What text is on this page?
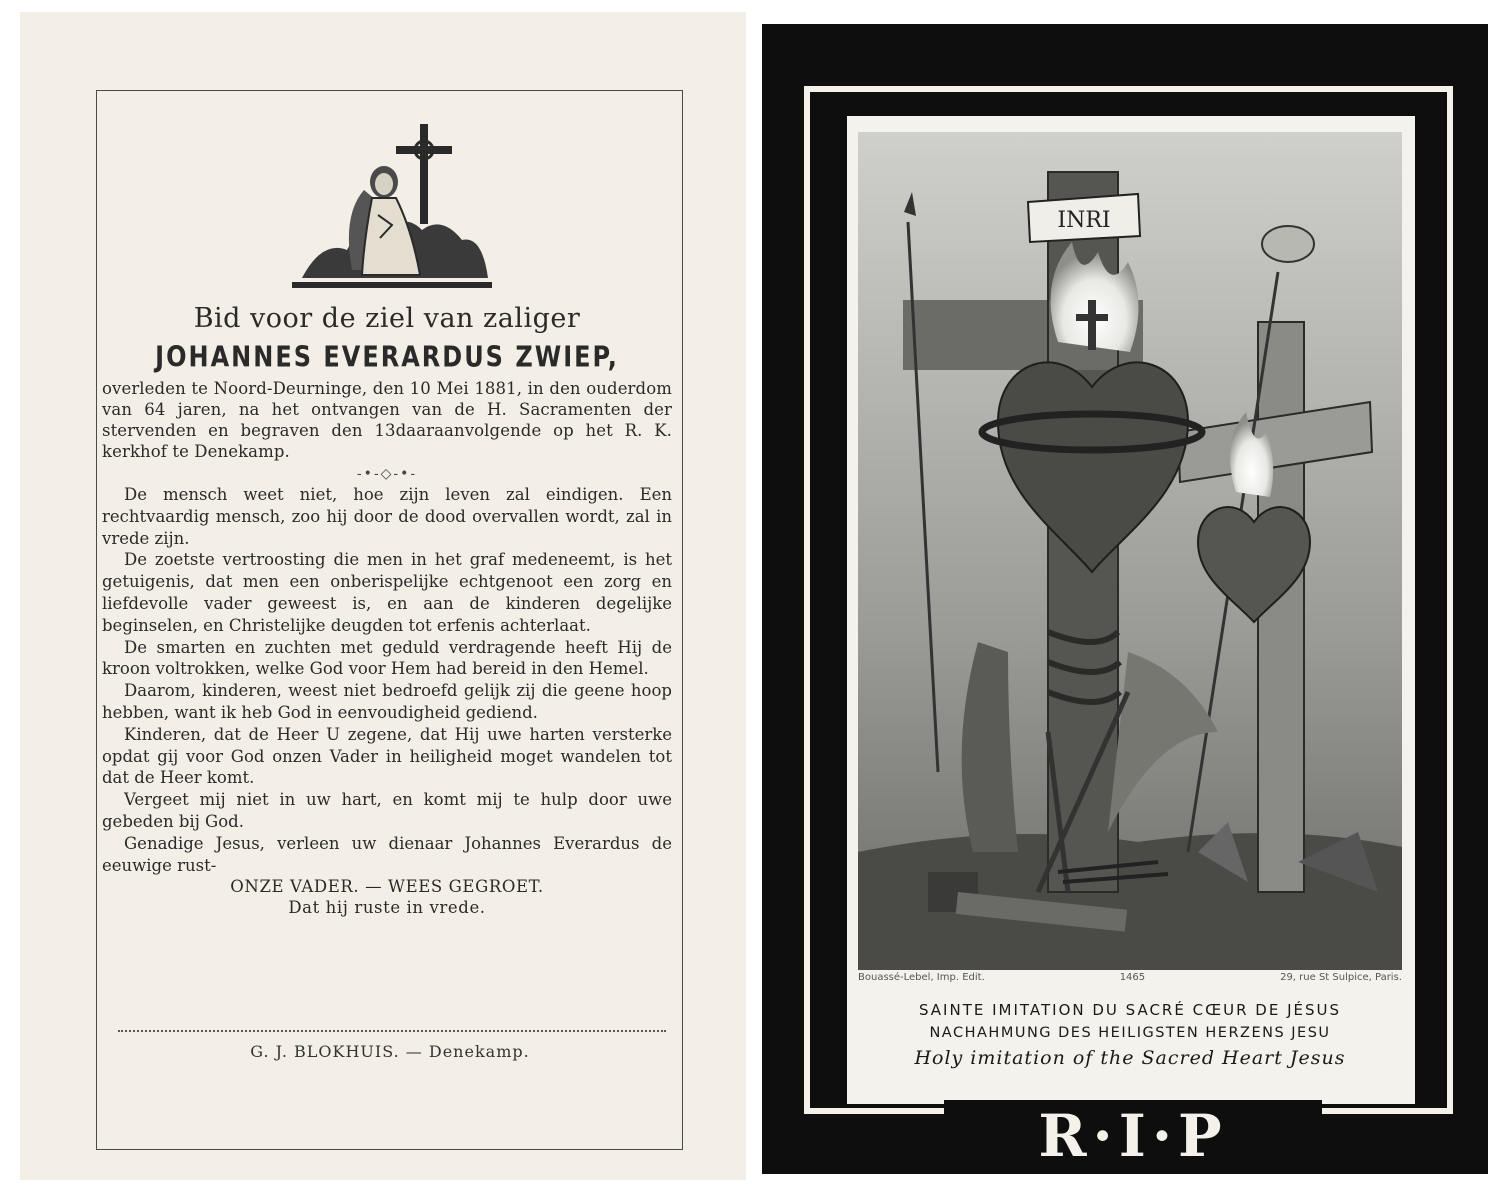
Bid voor de ziel van zaliger

JOHANNES EVERARDUS ZWIEP,

overleden te Noord-Deurninge, den 10 Mei 1881, in den ouderdom van 64 jaren, na het ontvangen van de H. Sacramenten der stervenden en begraven den 13daaraanvolgende op het R. K. kerkhof te Denekamp.

-•-◇-•-

De mensch weet niet, hoe zijn leven zal eindigen. Een rechtvaardig mensch, zoo hij door de dood overvallen wordt, zal in vrede zijn.

De zoetste vertroosting die men in het graf medeneemt, is het getuigenis, dat men een onberispelijke echtgenoot een zorg en liefdevolle vader geweest is, en aan de kinderen degelijke beginselen, en Christelijke deugden tot erfenis achterlaat.

De smarten en zuchten met geduld verdragende heeft Hij de kroon voltrokken, welke God voor Hem had bereid in den Hemel.

Daarom, kinderen, weest niet bedroefd gelijk zij die geene hoop hebben, want ik heb God in eenvoudigheid gediend.

Kinderen, dat de Heer U zegene, dat Hij uwe harten versterke opdat gij voor God onzen Vader in heiligheid moget wandelen tot dat de Heer komt.

Vergeet mij niet in uw hart, en komt mij te hulp door uwe gebeden bij God.

Genadige Jesus, verleen uw dienaar Johannes Everardus de eeuwige rust-

ONZE VADER. — WEES GEGROET.

Dat hij ruste in vrede.

G. J. BLOKHUIS. — Denekamp.
INRI
Bouassé-Lebel, Imp. Edit.	1465	29, rue St Sulpice, Paris.
SAINTE IMITATION DU SACRÉ CŒUR DE JÉSUS
NACHAHMUNG DES HEILIGSTEN HERZENS JESU
Holy imitation of the Sacred Heart Jesus
R·I·P
